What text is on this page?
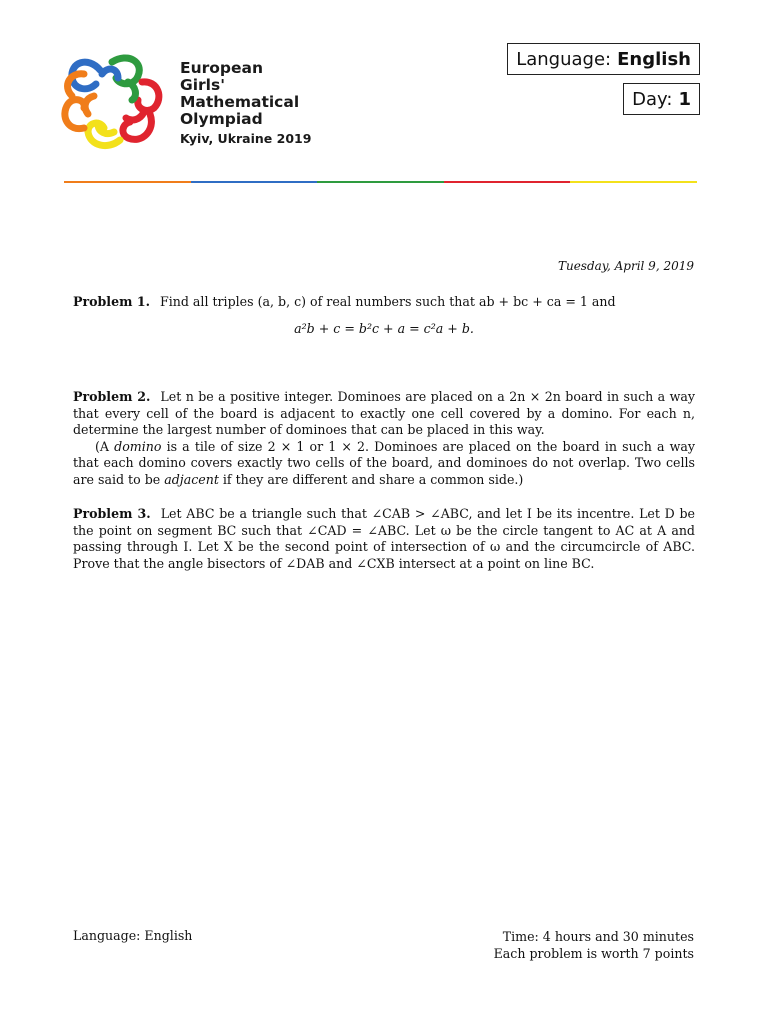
European
Girls'
Mathematical
Olympiad
Kyiv, Ukraine 2019
Language: English
Day: 1
Tuesday, April 9, 2019
Problem 1. Find all triples (a, b, c) of real numbers such that ab + bc + ca = 1 and
a²b + c = b²c + a = c²a + b.
Problem 2. Let n be a positive integer. Dominoes are placed on a 2n × 2n board in such a way that every cell of the board is adjacent to exactly one cell covered by a domino. For each n, determine the largest number of dominoes that can be placed in this way.
(A domino is a tile of size 2 × 1 or 1 × 2. Dominoes are placed on the board in such a way that each domino covers exactly two cells of the board, and dominoes do not overlap. Two cells are said to be adjacent if they are different and share a common side.)
Problem 3. Let ABC be a triangle such that ∠CAB > ∠ABC, and let I be its incentre. Let D be the point on segment BC such that ∠CAD = ∠ABC. Let ω be the circle tangent to AC at A and passing through I. Let X be the second point of intersection of ω and the circumcircle of ABC. Prove that the angle bisectors of ∠DAB and ∠CXB intersect at a point on line BC.
Language: English	Time: 4 hours and 30 minutes
Each problem is worth 7 points
